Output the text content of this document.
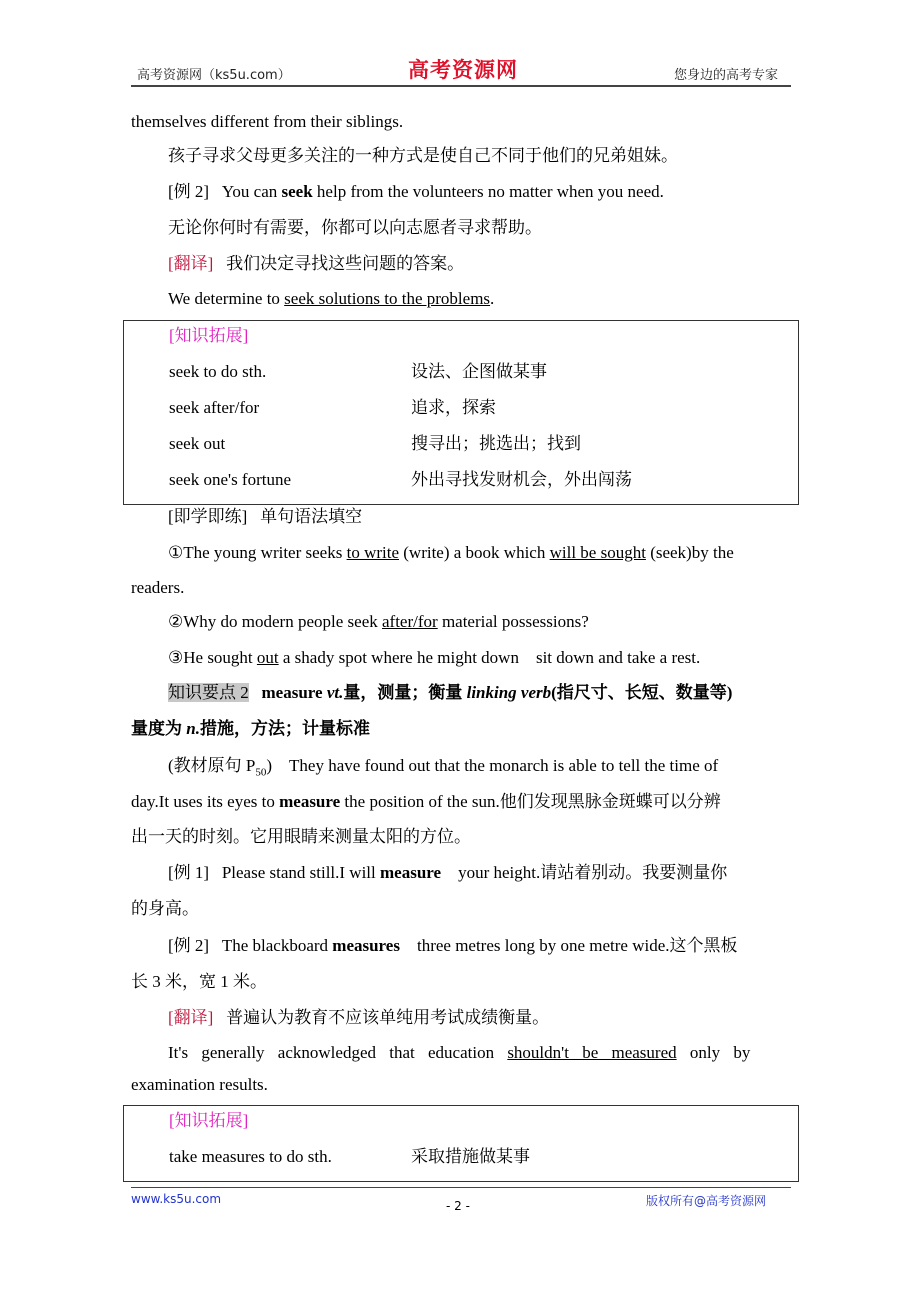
高考资源网（ks5u.com）	高考资源网	您身边的高考专家
themselves different from their siblings.
孩子寻求父母更多关注的一种方式是使自己不同于他们的兄弟姐妹。
[例 2] You can seek help from the volunteers no matter when you need.
无论你何时有需要，你都可以向志愿者寻求帮助。
[翻译] 我们决定寻找这些问题的答案。
We determine to seek solutions to the problems.
[知识拓展]
seek to do sth.	设法、企图做某事
seek after/for	追求，探索
seek out	搜寻出；挑选出；找到
seek one's fortune	外出寻找发财机会，外出闯荡
[即学即练] 单句语法填空
①The young writer seeks to write (write) a book which will be sought (seek)by the
readers.
②Why do modern people seek after/for material possessions?
③He sought out a shady spot where he might down    sit down and take a rest.
知识要点 2 measure vt.量，测量；衡量 linking verb(指尺寸、长短、数量等)
量度为 n.措施，方法；计量标准
(教材原句 $P_{50}$) They have found out that the monarch is able to tell the time of
day.It uses its eyes to measure the position of the sun.他们发现黑脉金斑蝶可以分辨
出一天的时刻。它用眼睛来测量太阳的方位。
[例 1] Please stand still.I will measure    your height.请站着别动。我要测量你
的身高。
[例 2] The blackboard measures    three metres long by one metre wide.这个黑板
长 3 米，宽 1 米。
[翻译] 普遍认为教育不应该单纯用考试成绩衡量。
It's generally acknowledged that education shouldn't be measured only by
examination results.
[知识拓展]
take measures to do sth.	采取措施做某事
www.ks5u.com	- 2 -	版权所有@高考资源网
